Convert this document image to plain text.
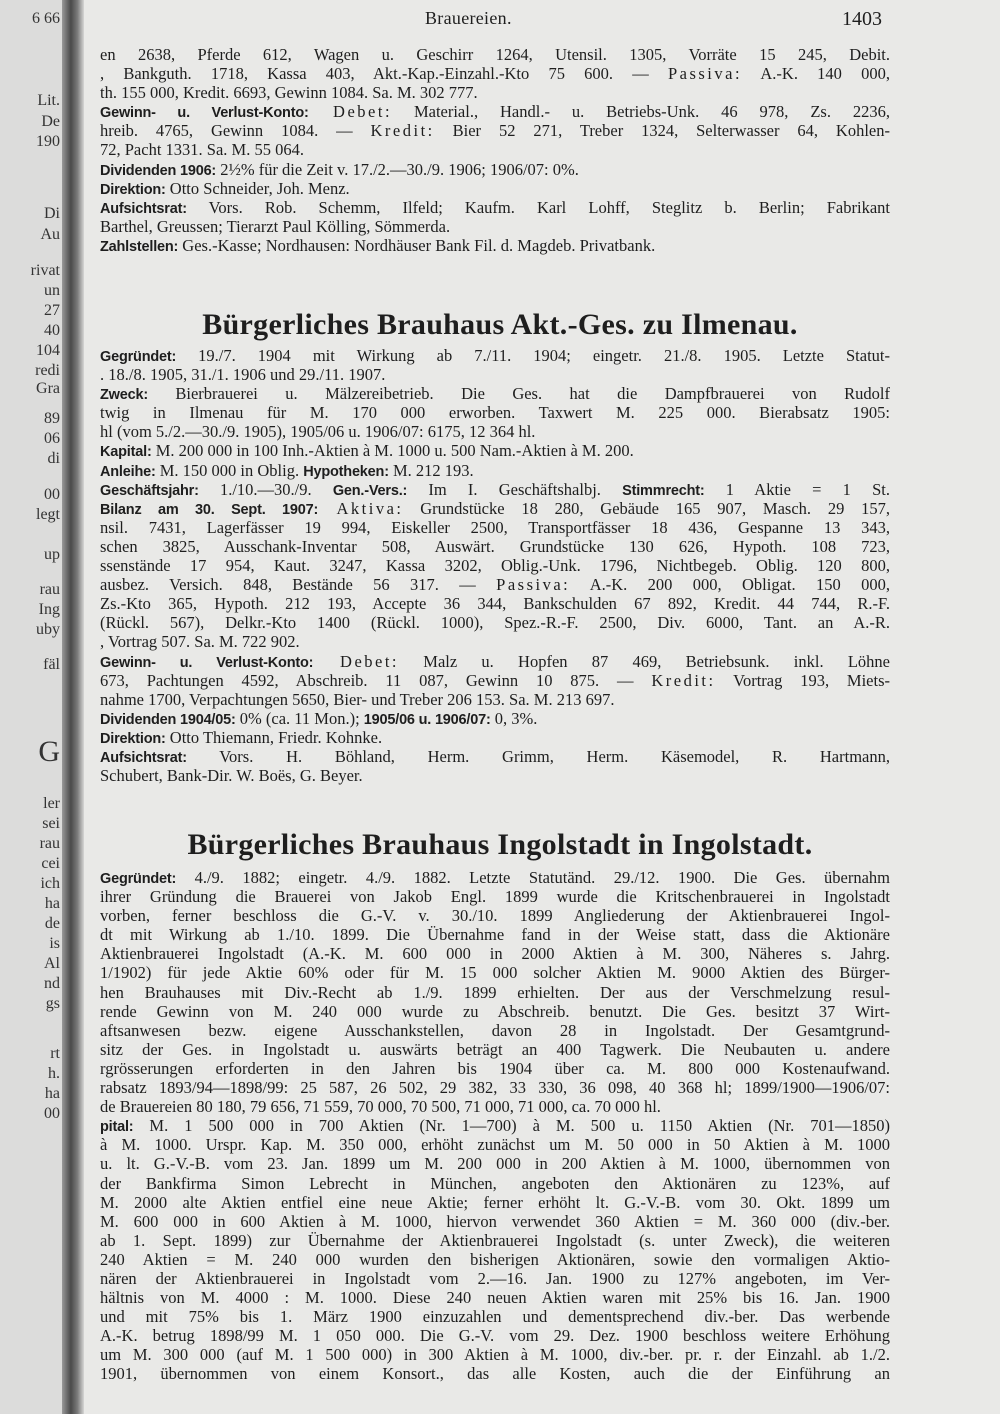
6 66
Lit.
De
190
Di
Au
rivat
un
27
40
104
redi
Gra
89
06
di
00
legt
up
rau
Ing
uby
fäl
G
ler
sei
rau
cei
ich
ha
de
is
Al
nd
gs
rt
h.
ha
00
Brauereien.	1403
en 2638, Pferde 612, Wagen u. Geschirr 1264, Utensil. 1305, Vorräte 15 245, Debit.
, Bankguth. 1718, Kassa 403, Akt.-Kap.-Einzahl.-Kto 75 600. — Passiva: A.-K. 140 000,
th. 155 000, Kredit. 6693, Gewinn 1084. Sa. M. 302 777.
Gewinn- u. Verlust-Konto: Debet: Material., Handl.- u. Betriebs-Unk. 46 978, Zs. 2236,
hreib. 4765, Gewinn 1084. — Kredit: Bier 52 271, Treber 1324, Selterwasser 64, Kohlen-
72, Pacht 1331. Sa. M. 55 064.
Dividenden 1906: 2½% für die Zeit v. 17./2.—30./9. 1906; 1906/07: 0%.
Direktion: Otto Schneider, Joh. Menz.
Aufsichtsrat: Vors. Rob. Schemm, Ilfeld; Kaufm. Karl Lohff, Steglitz b. Berlin; Fabrikant
Barthel, Greussen; Tierarzt Paul Kölling, Sömmerda.
Zahlstellen: Ges.-Kasse; Nordhausen: Nordhäuser Bank Fil. d. Magdeb. Privatbank.
Bürgerliches Brauhaus Akt.-Ges. zu Ilmenau.
Gegründet: 19./7. 1904 mit Wirkung ab 7./11. 1904; eingetr. 21./8. 1905. Letzte Statut-
. 18./8. 1905, 31./1. 1906 und 29./11. 1907.
Zweck: Bierbrauerei u. Mälzereibetrieb. Die Ges. hat die Dampfbrauerei von Rudolf
twig in Ilmenau für M. 170 000 erworben. Taxwert M. 225 000. Bierabsatz 1905:
hl (vom 5./2.—30./9. 1905), 1905/06 u. 1906/07: 6175, 12 364 hl.
Kapital: M. 200 000 in 100 Inh.-Aktien à M. 1000 u. 500 Nam.-Aktien à M. 200.
Anleihe: M. 150 000 in Oblig. Hypotheken: M. 212 193.
Geschäftsjahr: 1./10.—30./9. Gen.-Vers.: Im I. Geschäftshalbj. Stimmrecht: 1 Aktie = 1 St.
Bilanz am 30. Sept. 1907: Aktiva: Grundstücke 18 280, Gebäude 165 907, Masch. 29 157,
nsil. 7431, Lagerfässer 19 994, Eiskeller 2500, Transportfässer 18 436, Gespanne 13 343,
schen 3825, Ausschank-Inventar 508, Auswärt. Grundstücke 130 626, Hypoth. 108 723,
ssenstände 17 954, Kaut. 3247, Kassa 3202, Oblig.-Unk. 1796, Nichtbegeb. Oblig. 120 800,
ausbez. Versich. 848, Bestände 56 317. — Passiva: A.-K. 200 000, Obligat. 150 000,
Zs.-Kto 365, Hypoth. 212 193, Accepte 36 344, Bankschulden 67 892, Kredit. 44 744, R.-F.
(Rückl. 567), Delkr.-Kto 1400 (Rückl. 1000), Spez.-R.-F. 2500, Div. 6000, Tant. an A.-R.
, Vortrag 507. Sa. M. 722 902.
Gewinn- u. Verlust-Konto: Debet: Malz u. Hopfen 87 469, Betriebsunk. inkl. Löhne
673, Pachtungen 4592, Abschreib. 11 087, Gewinn 10 875. — Kredit: Vortrag 193, Miets-
nahme 1700, Verpachtungen 5650, Bier- und Treber 206 153. Sa. M. 213 697.
Dividenden 1904/05: 0% (ca. 11 Mon.); 1905/06 u. 1906/07: 0, 3%.
Direktion: Otto Thiemann, Friedr. Kohnke.
Aufsichtsrat: Vors. H. Böhland, Herm. Grimm, Herm. Käsemodel, R. Hartmann,
Schubert, Bank-Dir. W. Boës, G. Beyer.
Bürgerliches Brauhaus Ingolstadt in Ingolstadt.
Gegründet: 4./9. 1882; eingetr. 4./9. 1882. Letzte Statutänd. 29./12. 1900. Die Ges. übernahm
ihrer Gründung die Brauerei von Jakob Engl. 1899 wurde die Kritschenbrauerei in Ingolstadt
vorben, ferner beschloss die G.-V. v. 30./10. 1899 Angliederung der Aktienbrauerei Ingol-
dt mit Wirkung ab 1./10. 1899. Die Übernahme fand in der Weise statt, dass die Aktionäre
Aktienbrauerei Ingolstadt (A.-K. M. 600 000 in 2000 Aktien à M. 300, Näheres s. Jahrg.
1/1902) für jede Aktie 60% oder für M. 15 000 solcher Aktien M. 9000 Aktien des Bürger-
hen Brauhauses mit Div.-Recht ab 1./9. 1899 erhielten. Der aus der Verschmelzung resul-
rende Gewinn von M. 240 000 wurde zu Abschreib. benutzt. Die Ges. besitzt 37 Wirt-
aftsanwesen bezw. eigene Ausschankstellen, davon 28 in Ingolstadt. Der Gesamtgrund-
sitz der Ges. in Ingolstadt u. auswärts beträgt an 400 Tagwerk. Die Neubauten u. andere
rgrösserungen erforderten in den Jahren bis 1904 über ca. M. 800 000 Kostenaufwand.
rabsatz 1893/94—1898/99: 25 587, 26 502, 29 382, 33 330, 36 098, 40 368 hl; 1899/1900—1906/07:
de Brauereien 80 180, 79 656, 71 559, 70 000, 70 500, 71 000, 71 000, ca. 70 000 hl.
pital: M. 1 500 000 in 700 Aktien (Nr. 1—700) à M. 500 u. 1150 Aktien (Nr. 701—1850)
à M. 1000. Urspr. Kap. M. 350 000, erhöht zunächst um M. 50 000 in 50 Aktien à M. 1000
u. lt. G.-V.-B. vom 23. Jan. 1899 um M. 200 000 in 200 Aktien à M. 1000, übernommen von
der Bankfirma Simon Lebrecht in München, angeboten den Aktionären zu 123%, auf
M. 2000 alte Aktien entfiel eine neue Aktie; ferner erhöht lt. G.-V.-B. vom 30. Okt. 1899 um
M. 600 000 in 600 Aktien à M. 1000, hiervon verwendet 360 Aktien = M. 360 000 (div.-ber.
ab 1. Sept. 1899) zur Übernahme der Aktienbrauerei Ingolstadt (s. unter Zweck), die weiteren
240 Aktien = M. 240 000 wurden den bisherigen Aktionären, sowie den vormaligen Aktio-
nären der Aktienbrauerei in Ingolstadt vom 2.—16. Jan. 1900 zu 127% angeboten, im Ver-
hältnis von M. 4000 : M. 1000. Diese 240 neuen Aktien waren mit 25% bis 16. Jan. 1900
und mit 75% bis 1. März 1900 einzuzahlen und dementsprechend div.-ber. Das werbende
A.-K. betrug 1898/99 M. 1 050 000. Die G.-V. vom 29. Dez. 1900 beschloss weitere Erhöhung
um M. 300 000 (auf M. 1 500 000) in 300 Aktien à M. 1000, div.-ber. pr. r. der Einzahl. ab 1./2.
1901, übernommen von einem Konsort., das alle Kosten, auch die der Einführung an
